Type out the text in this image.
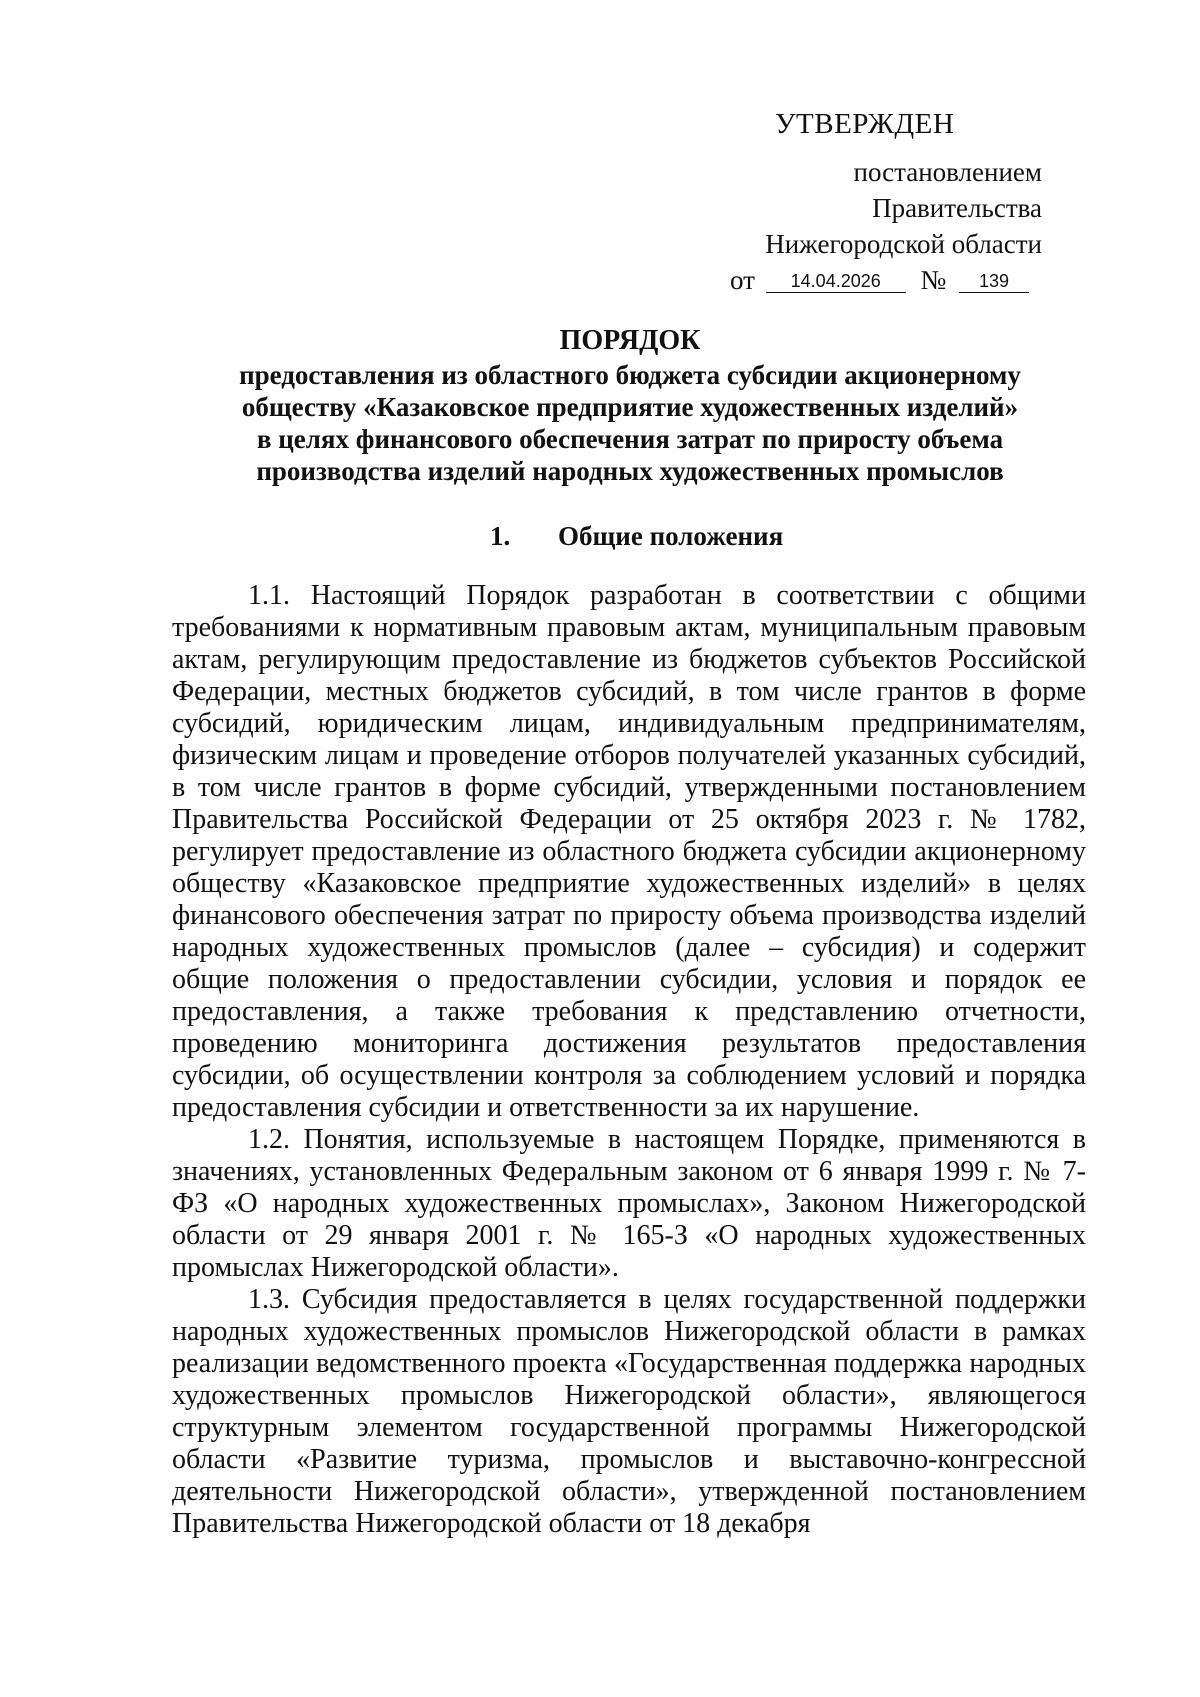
УТВЕРЖДЕН
постановлением Правительства
Нижегородской области
от 14.04.2026 № 139
ПОРЯДОК
предоставления из областного бюджета субсидии акционерному
обществу «Казаковское предприятие художественных изделий»
в целях финансового обеспечения затрат по приросту объема
производства изделий народных художественных промыслов
1. Общие положения

1.1. Настоящий Порядок разработан в соответствии с общими требованиями к нормативным правовым актам, муниципальным правовым актам, регулирующим предоставление из бюджетов субъектов Российской Федерации, местных бюджетов субсидий, в том числе грантов в форме субсидий, юридическим лицам, индивидуальным предпринимателям, физическим лицам и проведение отборов получателей указанных субсидий, в том числе грантов в форме субсидий, утвержденными постановлением Правительства Российской Федерации от 25 октября 2023 г. № 1782, регулирует предоставление из областного бюджета субсидии акционерному обществу «Казаковское предприятие художественных изделий» в целях финансового обеспечения затрат по приросту объема производства изделий народных художественных промыслов (далее – субсидия) и содержит общие положения о предоставлении субсидии, условия и порядок ее предоставления, а также требования к представлению отчетности, проведению мониторинга достижения результатов предоставления субсидии, об осуществлении контроля за соблюдением условий и порядка предоставления субсидии и ответственности за их нарушение.

1.2. Понятия, используемые в настоящем Порядке, применяются в значениях, установленных Федеральным законом от 6 января 1999 г. № 7-ФЗ «О народных художественных промыслах», Законом Нижегородской области от 29 января 2001 г. № 165-З «О народных художественных промыслах Нижегородской области».

1.3. Субсидия предоставляется в целях государственной поддержки народных художественных промыслов Нижегородской области в рамках реализации ведомственного проекта «Государственная поддержка народных художественных промыслов Нижегородской области», являющегося структурным элементом государственной программы Нижегородской области «Развитие туризма, промыслов и выставочно-конгрессной деятельности Нижегородской области», утвержденной постановлением Правительства Нижегородской области от 18 декабря
